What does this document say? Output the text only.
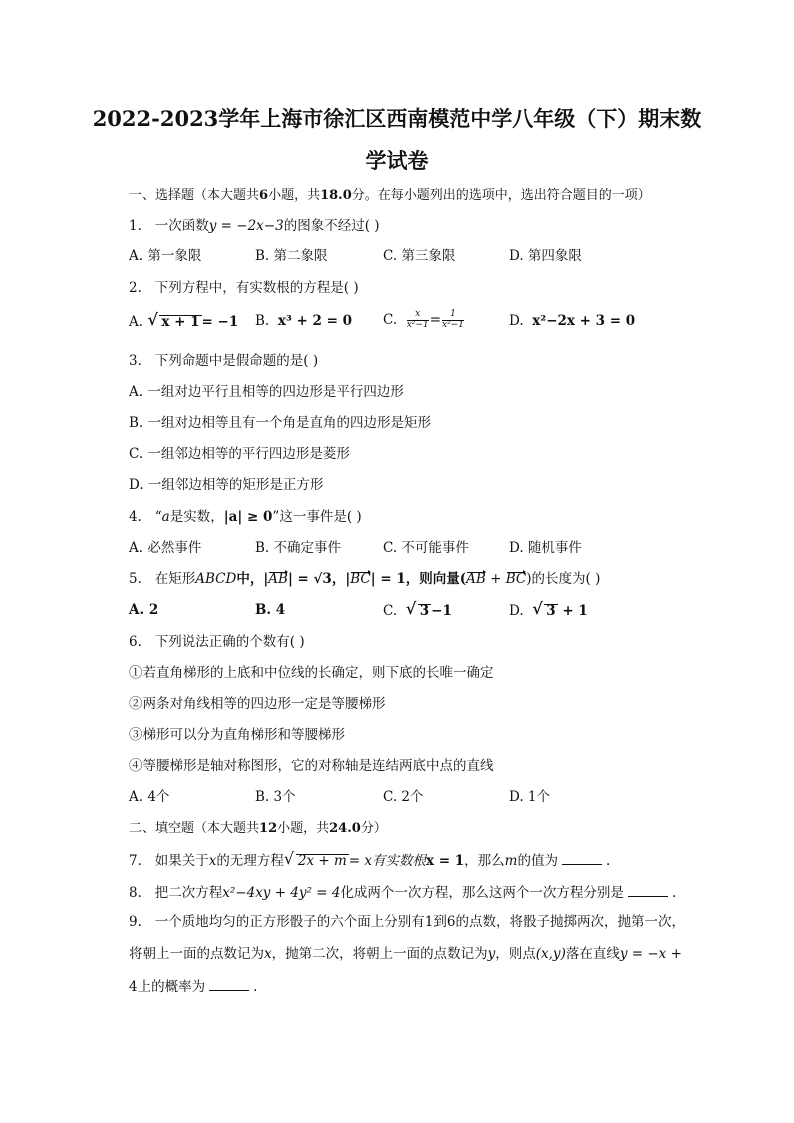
2022-2023学年上海市徐汇区西南模范中学八年级（下）期末数
学试卷
一、选择题（本大题共6小题，共18.0分。在每小题列出的选项中，选出符合题目的一项）
1. 一次函数y = −2x−3的图象不经过( )
A. 第一象限	B. 第二象限	C. 第三象限	D. 第四象限
2. 下列方程中，有实数根的方程是( )
A. √ x + 1 = −1 B. x³ + 2 = 0 C. $\frac{x}{\text{x²−1}} = \frac{1}{\text{x²−1}}$	D. x²−2x + 3 = 0
3. 下列命题中是假命题的是( )
A. 一组对边平行且相等的四边形是平行四边形
B. 一组对边相等且有一个角是直角的四边形是矩形
C. 一组邻边相等的平行四边形是菱形
D. 一组邻边相等的矩形是正方形
4. “a是实数，|a| ≥ 0”这一事件是( )
A. 必然事件	B. 不确定事件	C. 不可能事件	D. 随机事件
5. 在矩形ABCD中，|AB| = √3，|BC| = 1，则向量(AB + BC)的长度为( )
A. 2	B. 4	C. √ 3 −1	D. √ 3 + 1
6. 下列说法正确的个数有( )
①若直角梯形的上底和中位线的长确定，则下底的长唯一确定
②两条对角线相等的四边形一定是等腰梯形
③梯形可以分为直角梯形和等腰梯形
④等腰梯形是轴对称图形，它的对称轴是连结两底中点的直线
A. 4个	B. 3个	C. 2个	D. 1个
二、填空题（本大题共12小题，共24.0分）
7. 如果关于x的无理方程 √ 2x + m = x有实数根x = 1，那么m的值为	.
8. 把二次方程x²−4xy + 4y² = 4化成两个一次方程，那么这两个一次方程分别是	.
9. 一个质地均匀的正方形骰子的六个面上分别有1到6的点数，将骰子抛掷两次，抛第一次，
将朝上一面的点数记为x，抛第二次，将朝上一面的点数记为y，则点(x,y)落在直线y = −x +
4上的概率为	.
